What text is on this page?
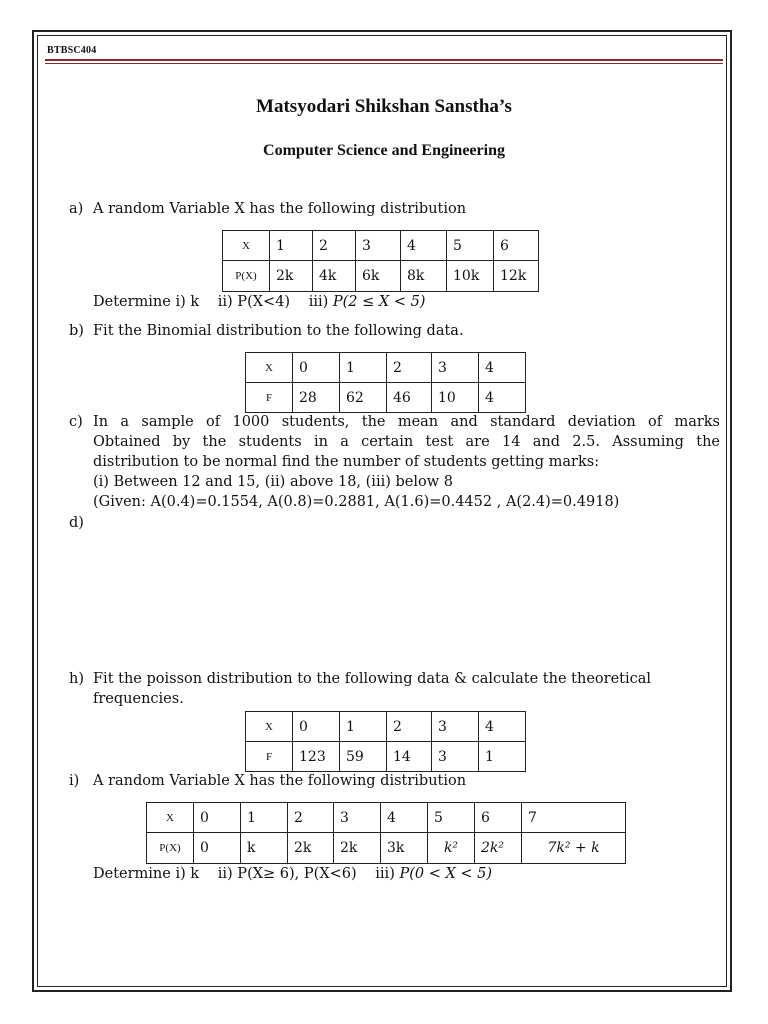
BTBSC404
Matsyodari Shikshan Sanstha’s
Computer Science and Engineering
a) A random Variable X has the following distribution
X	1	2	3	4	5	6
P(X)	2k	4k	6k	8k	10k	12k
Determine i) k ii) P(X<4) iii) P(2 ≤ X < 5)
b) Fit the Binomial distribution to the following data.
X	0	1	2	3	4
F	28	62	46	10	4
c) In a sample of 1000 students, the mean and standard deviation of marks
Obtained by the students in a certain test are 14 and 2.5. Assuming the
distribution to be normal find the number of students getting marks:
(i) Between 12 and 15, (ii) above 18, (iii) below 8
(Given: A(0.4)=0.1554, A(0.8)=0.2881, A(1.6)=0.4452 , A(2.4)=0.4918)
d)
h) Fit the poisson distribution to the following data & calculate the theoretical
frequencies.
X	0	1	2	3	4
F	123	59	14	3	1
i) A random Variable X has the following distribution
X	0	1	2	3	4	5	6	7
P(X)	0	k	2k	2k	3k	k²	2k²	7k² + k
Determine i) k ii) P(X≥ 6), P(X<6) iii) P(0 < X < 5)
